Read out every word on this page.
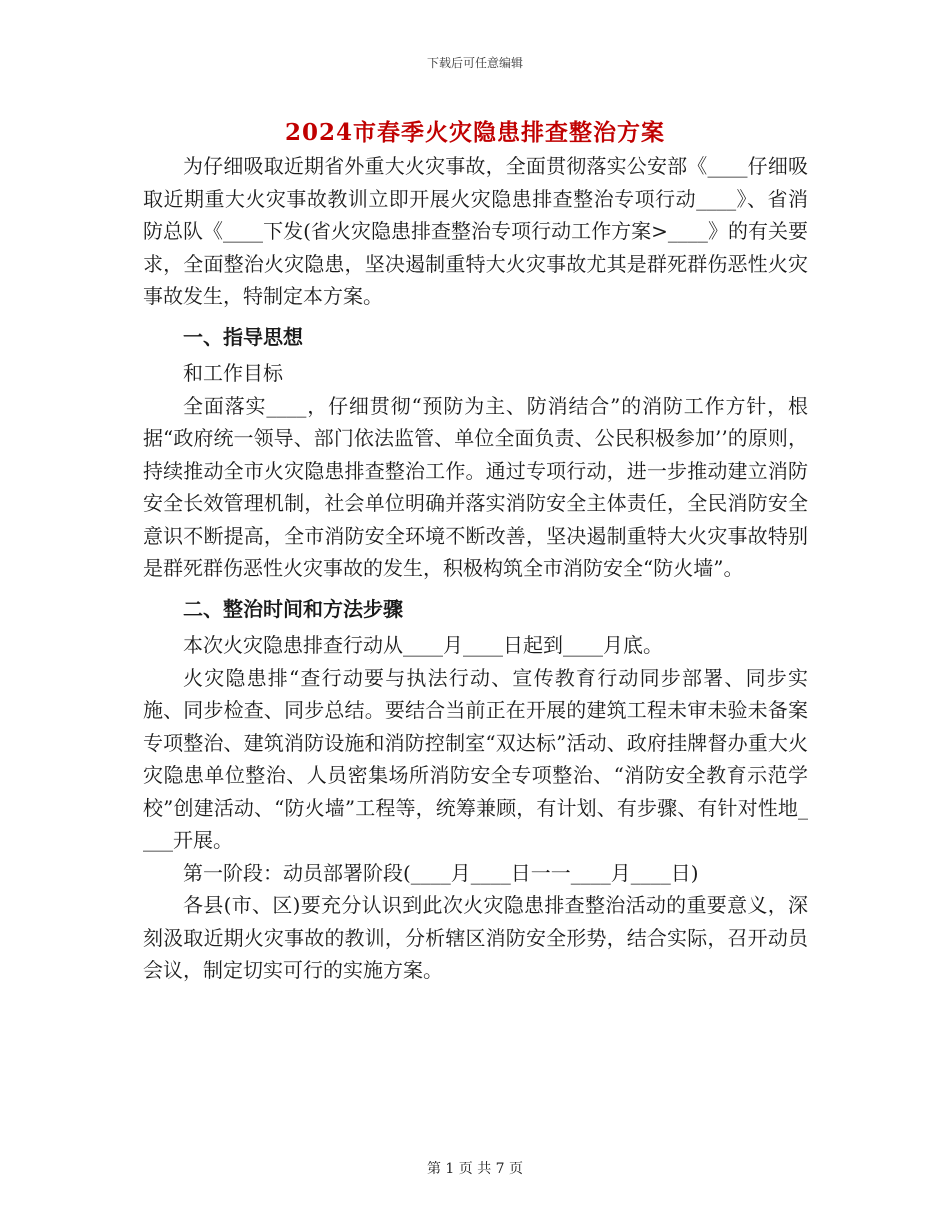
下载后可任意编辑
2024市春季火灾隐患排查整治方案

为仔细吸取近期省外重大火灾事故，全面贯彻落实公安部《____仔细吸取近期重大火灾事故教训立即开展火灾隐患排查整治专项行动____》、省消防总队《____下发(省火灾隐患排查整治专项行动工作方案>____》的有关要求，全面整治火灾隐患，坚决遏制重特大火灾事故尤其是群死群伤恶性火灾事故发生，特制定本方案。

一、指导思想

和工作目标

全面落实____，仔细贯彻“预防为主、防消结合”的消防工作方针，根据“政府统一领导、部门依法监管、单位全面负责、公民积极参加’’的原则，持续推动全市火灾隐患排查整治工作。通过专项行动，进一步推动建立消防安全长效管理机制，社会单位明确并落实消防安全主体责任，全民消防安全意识不断提高，全市消防安全环境不断改善，坚决遏制重特大火灾事故特别是群死群伤恶性火灾事故的发生，积极构筑全市消防安全“防火墙”。

二、整治时间和方法步骤

本次火灾隐患排查行动从____月____日起到____月底。

火灾隐患排“查行动要与执法行动、宣传教育行动同步部署、同步实施、同步检查、同步总结。要结合当前正在开展的建筑工程未审未验未备案专项整治、建筑消防设施和消防控制室“双达标”活动、政府挂牌督办重大火灾隐患单位整治、人员密集场所消防安全专项整治、“消防安全教育示范学校”创建活动、“防火墙”工程等，统筹兼顾，有计划、有步骤、有针对性地____开展。

第一阶段：动员部署阶段(____月____日一一____月____日)

各县(市、区)要充分认识到此次火灾隐患排查整治活动的重要意义，深刻汲取近期火灾事故的教训，分析辖区消防安全形势，结合实际，召开动员会议，制定切实可行的实施方案。

第 1 页 共 7 页
